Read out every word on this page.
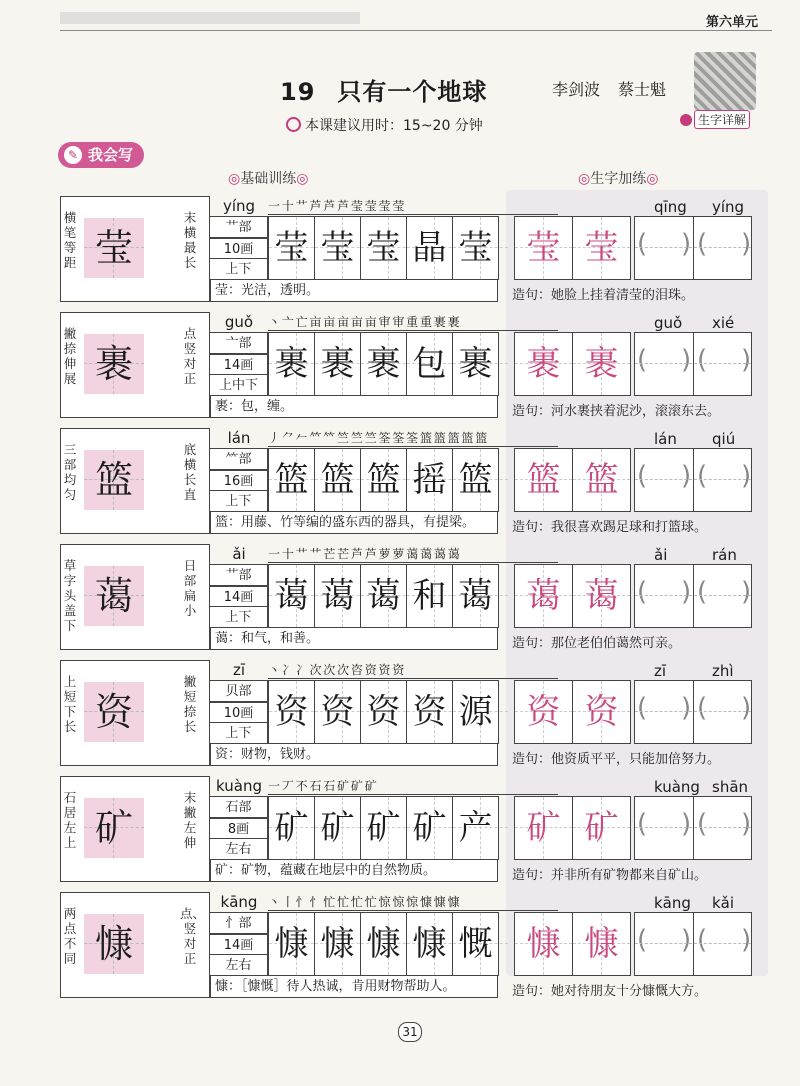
第六单元
19 只有一个地球	李剑波 蔡士魁
生字详解
本课建议用时：15~20 分钟
✎ 我会写
◎基础训练◎	◎生字加练◎
横笔等距 莹
末横最长
yíng
艹部
10画
上下
一 十 艹 芦 芦 芦 莹 莹 莹 莹
莹 莹 莹 晶 莹
莹：光洁，透明。
撇捺伸展 裹
点竖对正
guǒ
亠部
14画
上中下
丶 亠 亡 亩 亩 亩 亩 亩 审 审 重 重 裹 裹
裹 裹 裹 包 裹
裹：包，缠。
三部均匀 篮
底横长直
lán
⺮部
16画
上下
丿 ⺈ 𠂉 𥫗 𥫗 竺 竺 竺 筌 筌 筌 篮 篮 篮 篮 篮
篮 篮 篮 摇 篮
篮：用藤、竹等编的盛东西的器具，有提梁。
草字头盖下
蔼
日部扁小
ǎi
艹部
14画
上下
一 十 艹 艹 芒 芒 芦 芦 萝 萝 蔼 蔼 蔼 蔼
蔼 蔼 蔼 和 蔼
蔼：和气，和善。
上短下长 资
撇短捺长
zī
贝部
10画
上下
丶 冫 冫 次 次 次 咨 资 资 资
资 资 资 资 源
资：财物，钱财。
石居左上 矿
末撇左伸
kuàng
石部
8画
左右
一 丆 不 石 石 矿 矿 矿
矿 矿 矿 矿 产
矿：矿物，蕴藏在地层中的自然物质。
两点不同 慷
点、竖对正
kāng
忄部
14画
左右
丶 丨 忄 忄 忙 忙 忙 忙 惊 惊 惊 慷 慷 慷
慷 慷 慷 慷 慨
慷：［慷慨］待人热诚，肯用财物帮助人。
qīng yíng
莹 莹 ( ) ( )
造句：她脸上挂着清莹的泪珠。
guǒ xié
裹 裹 ( ) ( )
造句：河水裹挟着泥沙，滚滚东去。
lán qiú
篮 篮 ( ) ( )
造句：我很喜欢踢足球和打篮球。
ǎi	rán
蔼 蔼 ( ) ( )
造句：那位老伯伯蔼然可亲。
zī	zhì
资 资 ( ) ( )
造句：他资质平平，只能加倍努力。
kuàng shān
矿 矿 ( ) ( )
造句：并非所有矿物都来自矿山。
kāng kǎi
慷 慷 ( ) ( )
造句：她对待朋友十分慷慨大方。
31
